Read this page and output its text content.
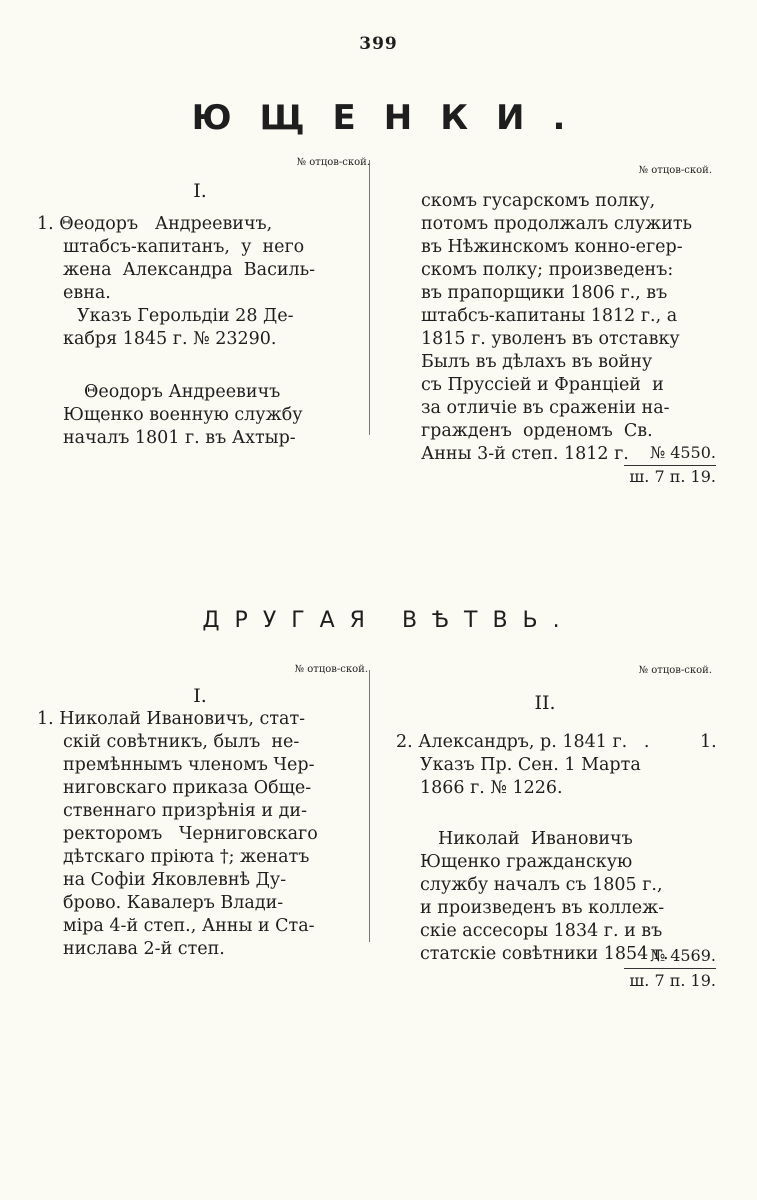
399
ЮЩЕНКИ.
№ отцов-ской.
№ отцов-ской.
I.
1. Θеодоръ   Андреевичъ,
штабсъ-капитанъ,  у  него
жена  Александра  Василь-
евна.
Указъ Герольдіи 28 Де-
кабря 1845 г. № 23290.
Θеодоръ Андреевичъ
Ющенко военную службу
началъ 1801 г. въ Ахтыр-
скомъ гусарскомъ полку,
потомъ продолжалъ служить
въ Нѣжинскомъ конно-егер-
скомъ полку; произведенъ:
въ прапорщики 1806 г., въ
штабсъ-капитаны 1812 г., а
1815 г. уволенъ въ отставку
Былъ въ дѣлахъ въ войну
съ Пруссіей и Франціей  и
за отличіе въ сраженіи на-
гражденъ  орденомъ  Св.
Анны 3-й степ. 1812 г.	№ 4550.
ш. 7 п. 19.
ДРУГАЯ ВѢТВЬ.
№ отцов-ской.	№ отцов-ской.
I.	II.
1. Николай Ивановичъ, стат-
скій совѣтникъ, былъ  не-
премѣннымъ членомъ Чер-
ниговскаго приказа Обще-
ственнаго призрѣнія и ди-
ректоромъ   Черниговскаго
дѣтскаго пріюта †; женатъ
на Софіи Яковлевнѣ Ду-
брово. Кавалеръ Влади-
міра 4-й степ., Анны и Ста-
нислава 2-й степ.
2. Александръ, р. 1841 г.   .
Указъ Пр. Сен. 1 Марта
1866 г. № 1226.
Николай  Ивановичъ
Ющенко гражданскую
службу началъ съ 1805 г.,
и произведенъ въ коллеж-
скіе ассесоры 1834 г. и въ
статскіе совѣтники 1854 г.
1.
№ 4569.
ш. 7 п. 19.
